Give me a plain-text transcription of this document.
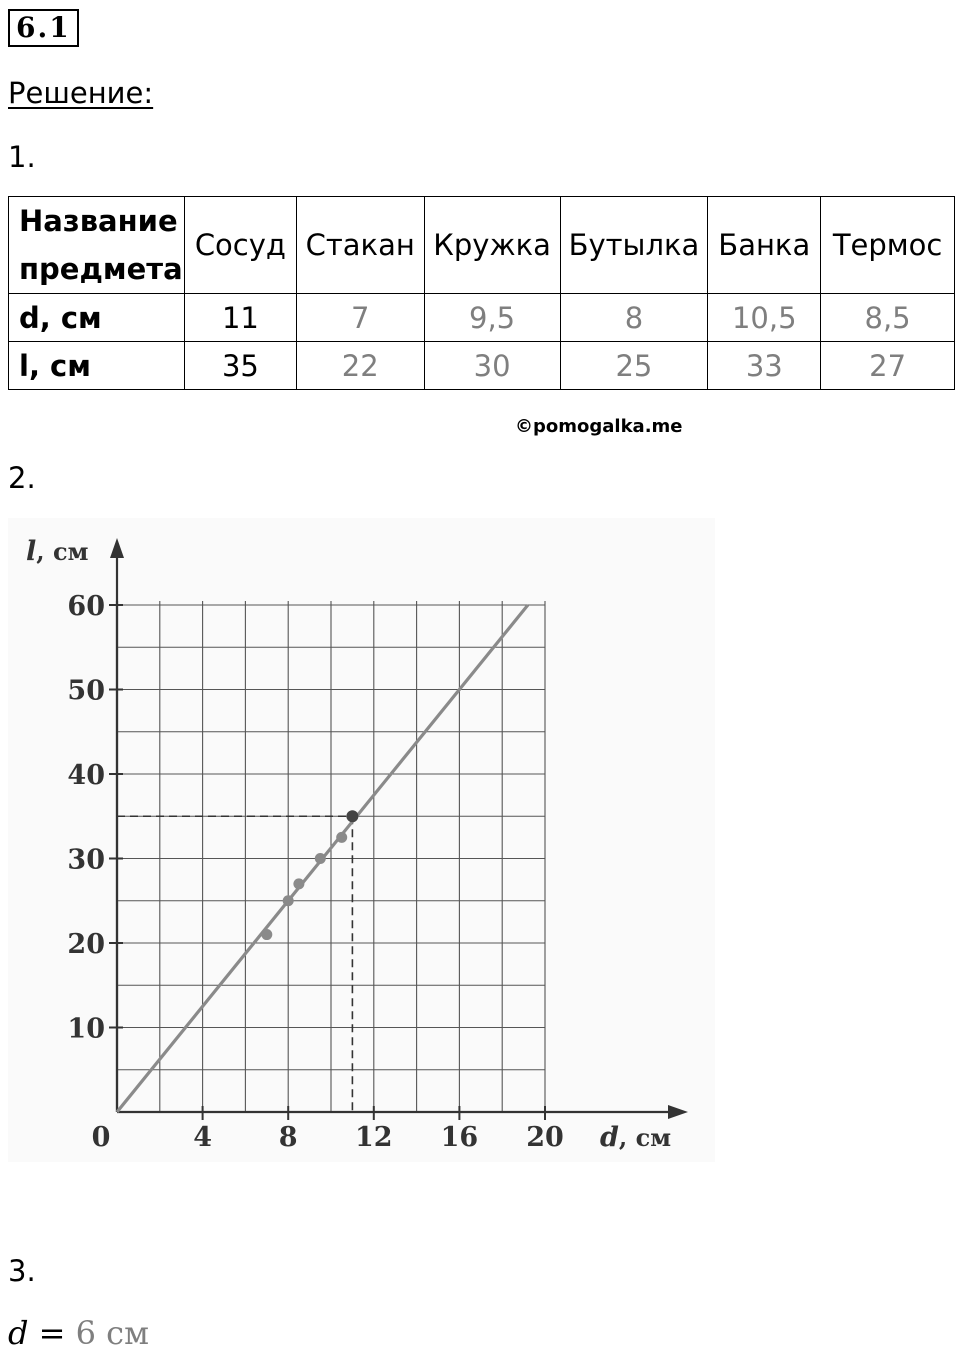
6.1
Решение:
1.
Название
предмета	Сосуд	Стакан	Кружка	Бутылка	Банка	Термос
d, см	11	7	9,5	8	10,5	8,5
l, см	35	22	30	25	33	27
©pomogalka.me
2.
10
20
30
40
50
60
0	4 8 12 16 20
l, см
d, см
3.
d = 6 см
